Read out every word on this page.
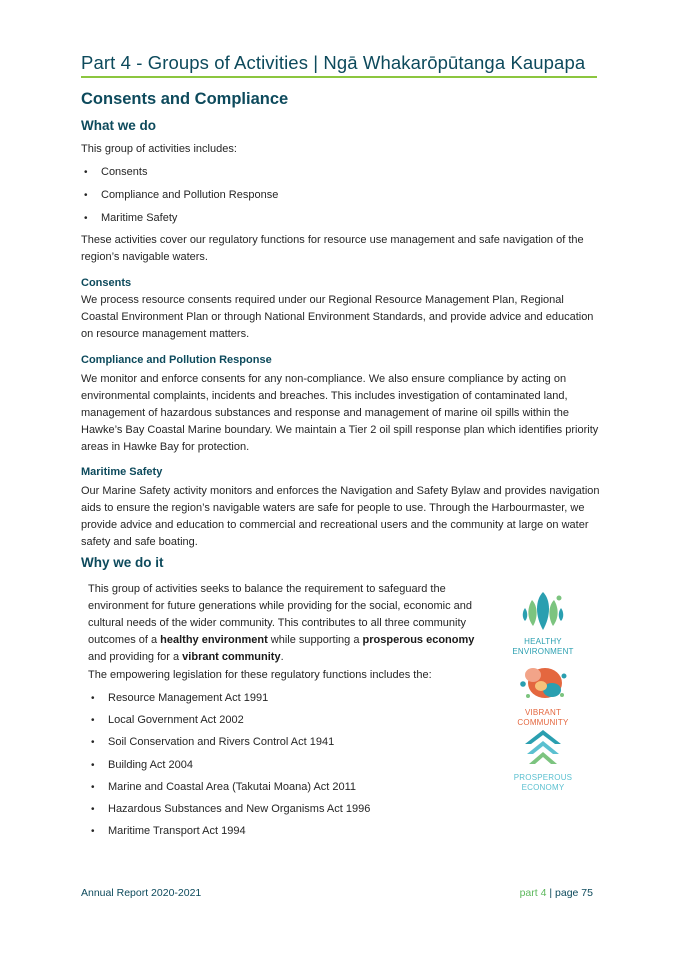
Part 4 - Groups of Activities | Ngā Whakarōpūtanga Kaupapa
Consents and Compliance
What we do
This group of activities includes:
• Consents
• Compliance and Pollution Response
• Maritime Safety
These activities cover our regulatory functions for resource use management and safe navigation of the region’s navigable waters.
Consents
We process resource consents required under our Regional Resource Management Plan, Regional Coastal Environment Plan or through National Environment Standards, and provide advice and education on resource management matters.
Compliance and Pollution Response
We monitor and enforce consents for any non-compliance. We also ensure compliance by acting on environmental complaints, incidents and breaches. This includes investigation of contaminated land, management of hazardous substances and response and management of marine oil spills within the Hawke’s Bay Coastal Marine boundary. We maintain a Tier 2 oil spill response plan which identifies priority areas in Hawke Bay for protection.
Maritime Safety
Our Marine Safety activity monitors and enforces the Navigation and Safety Bylaw and provides navigation aids to ensure the region’s navigable waters are safe for people to use. Through the Harbourmaster, we provide advice and education to commercial and recreational users and the community at large on water safety and safe boating.
Why we do it
This group of activities seeks to balance the requirement to safeguard the environment for future generations while providing for the social, economic and cultural needs of the wider community. This contributes to all three community outcomes of a healthy environment while supporting a prosperous economy and providing for a vibrant community.
The empowering legislation for these regulatory functions includes the:
• Resource Management Act 1991
• Local Government Act 2002
• Soil Conservation and Rivers Control Act 1941
• Building Act 2004
• Marine and Coastal Area (Takutai Moana) Act 2011
• Hazardous Substances and New Organisms Act 1996
• Maritime Transport Act 1994
HEALTHY
ENVIRONMENT
VIBRANT
COMMUNITY
PROSPEROUS
ECONOMY
Annual Report 2020-2021	part 4 | page 75
